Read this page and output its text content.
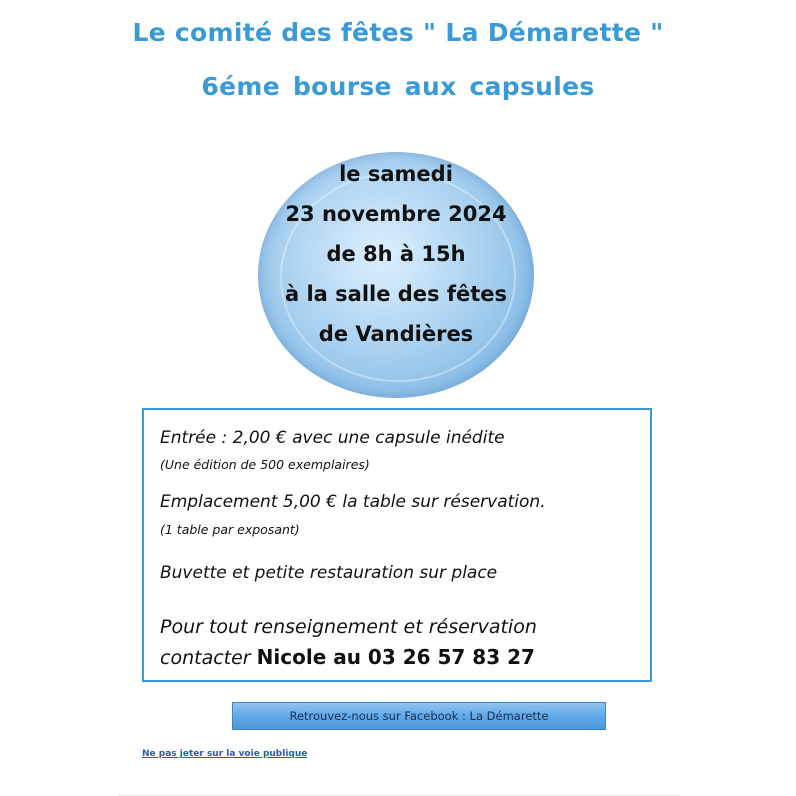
Le comité des fêtes " La Démarette "
6éme bourse aux capsules
le samedi
23 novembre 2024
de 8h à 15h
à la salle des fêtes
de Vandières
Entrée : 2,00 € avec une capsule inédite
(Une édition de 500 exemplaires)
Emplacement 5,00 € la table sur réservation.
(1 table par exposant)
Buvette et petite restauration sur place
Pour tout renseignement et réservation
contacter Nicole au 03 26 57 83 27
Retrouvez-nous sur Facebook : La Démarette
Ne pas jeter sur la voie publique
